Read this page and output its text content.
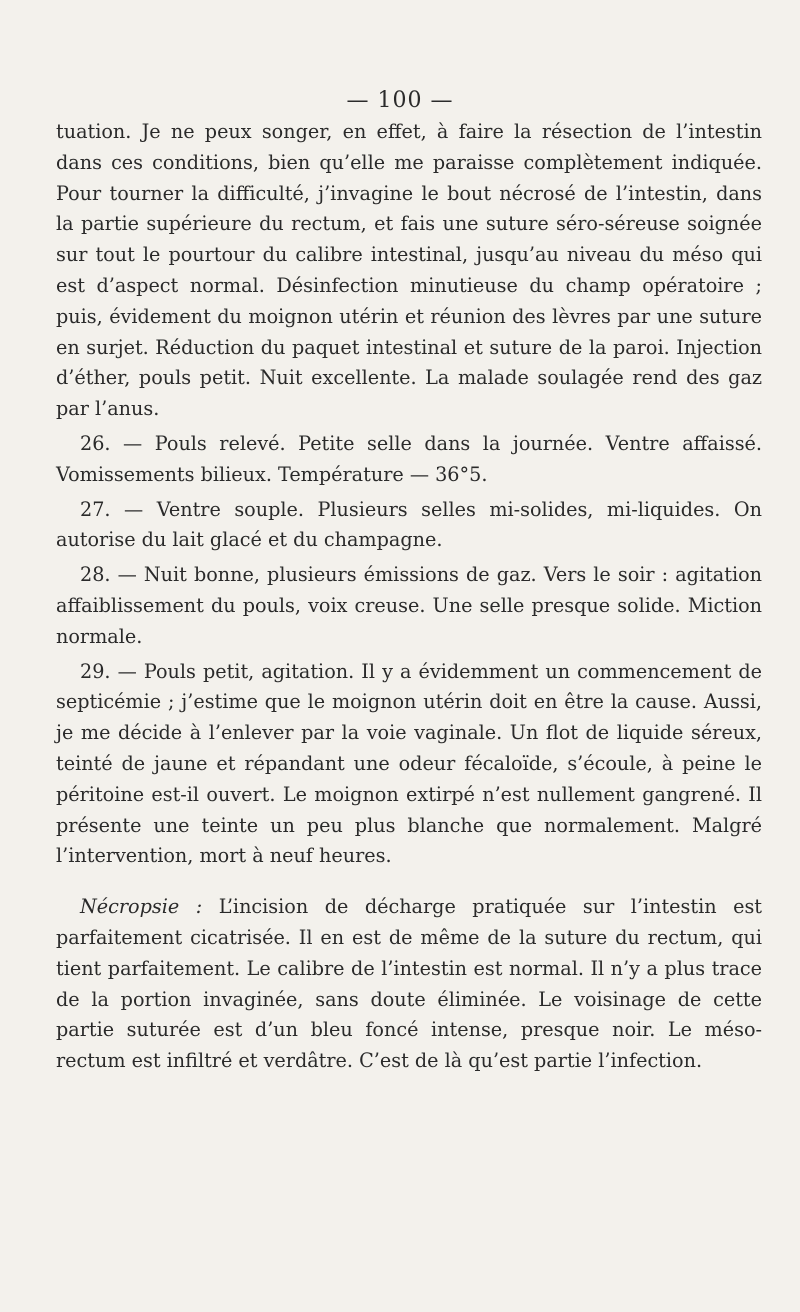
— 100 —

tuation. Je ne peux songer, en effet, à faire la résection de l’intestin dans ces conditions, bien qu’elle me paraisse complètement indiquée. Pour tourner la difficulté, j’invagine le bout nécrosé de l’intestin, dans la partie supérieure du rectum, et fais une suture séro-séreuse soignée sur tout le pourtour du calibre intestinal, jusqu’au niveau du méso qui est d’aspect normal. Désinfection minutieuse du champ opératoire ; puis, évidement du moignon utérin et réunion des lèvres par une suture en surjet. Réduction du paquet intestinal et suture de la paroi. Injection d’éther, pouls petit. Nuit excellente. La malade soulagée rend des gaz par l’anus.

26. — Pouls relevé. Petite selle dans la journée. Ventre affaissé. Vomissements bilieux. Température — 36°5.

27. — Ventre souple. Plusieurs selles mi-solides, mi-liquides. On autorise du lait glacé et du champagne.

28. — Nuit bonne, plusieurs émissions de gaz. Vers le soir : agitation affaiblissement du pouls, voix creuse. Une selle presque solide. Miction normale.

29. — Pouls petit, agitation. Il y a évidemment un commencement de septicémie ; j’estime que le moignon utérin doit en être la cause. Aussi, je me décide à l’enlever par la voie vaginale. Un flot de liquide séreux, teinté de jaune et répandant une odeur fécaloïde, s’écoule, à peine le péritoine est-il ouvert. Le moignon extirpé n’est nullement gangrené. Il présente une teinte un peu plus blanche que normalement. Malgré l’intervention, mort à neuf heures.

Nécropsie : L’incision de décharge pratiquée sur l’intestin est parfaitement cicatrisée. Il en est de même de la suture du rectum, qui tient parfaitement. Le calibre de l’intestin est normal. Il n’y a plus trace de la portion invaginée, sans doute éliminée. Le voisinage de cette partie suturée est d’un bleu foncé intense, presque noir. Le méso-rectum est infiltré et verdâtre. C’est de là qu’est partie l’infection.
